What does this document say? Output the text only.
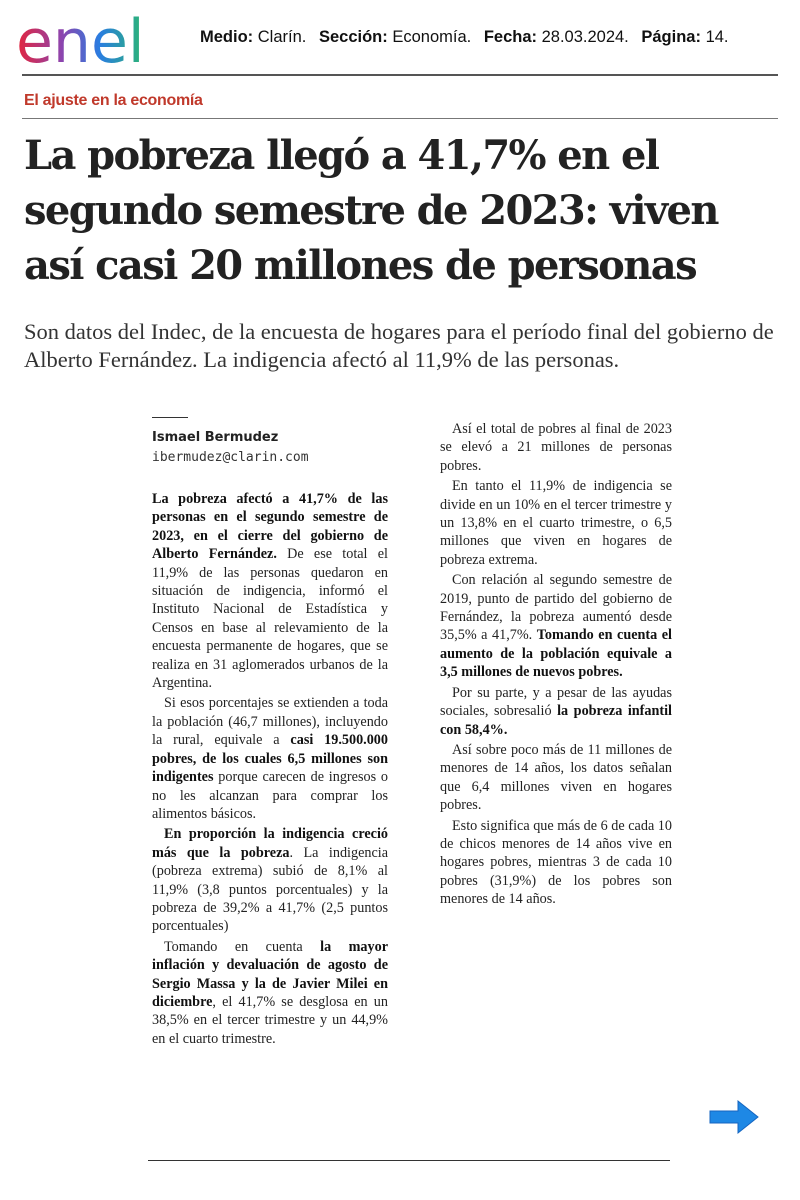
enel	Medio: Clarín. Sección: Economía. Fecha: 28.03.2024. Página: 14.
El ajuste en la economía
La pobreza llegó a 41,7% en el segundo semestre de 2023: viven así casi 20 millones de personas

Son datos del Indec, de la encuesta de hogares para el período final del gobierno de Alberto Fernández. La indigencia afectó al 11,9% de las personas.

Ismael Bermudez
ibermudez@clarin.com

La pobreza afectó a 41,7% de las personas en el segundo semestre de 2023, en el cierre del gobierno de Alberto Fernández. De ese total el 11,9% de las personas quedaron en situación de indigencia, informó el Instituto Nacional de Estadística y Censos en base al relevamiento de la encuesta permanente de hogares, que se realiza en 31 aglomerados urbanos de la Argentina.

Si esos porcentajes se extienden a toda la población (46,7 millones), incluyendo la rural, equivale a casi 19.500.000 pobres, de los cuales 6,5 millones son indigentes porque carecen de ingresos o no les alcanzan para comprar los alimentos básicos.

En proporción la indigencia creció más que la pobreza. La indigencia (pobreza extrema) subió de 8,1% al 11,9% (3,8 puntos porcentuales) y la pobreza de 39,2% a 41,7% (2,5 puntos porcentuales)

Tomando en cuenta la mayor inflación y devaluación de agosto de Sergio Massa y la de Javier Milei en diciembre, el 41,7% se desglosa en un 38,5% en el tercer trimestre y un 44,9% en el cuarto trimestre.

Así el total de pobres al final de 2023 se elevó a 21 millones de personas pobres.

En tanto el 11,9% de indigencia se divide en un 10% en el tercer trimestre y un 13,8% en el cuarto trimestre, o 6,5 millones que viven en hogares de pobreza extrema.

Con relación al segundo semestre de 2019, punto de partido del gobierno de Fernández, la pobreza aumentó desde 35,5% a 41,7%. Tomando en cuenta el aumento de la población equivale a 3,5 millones de nuevos pobres.

Por su parte, y a pesar de las ayudas sociales, sobresalió la pobreza infantil con 58,4%.

Así sobre poco más de 11 millones de menores de 14 años, los datos señalan que 6,4 millones viven en hogares pobres.

Esto significa que más de 6 de cada 10 de chicos menores de 14 años vive en hogares pobres, mientras 3 de cada 10 pobres (31,9%) de los pobres son menores de 14 años.
